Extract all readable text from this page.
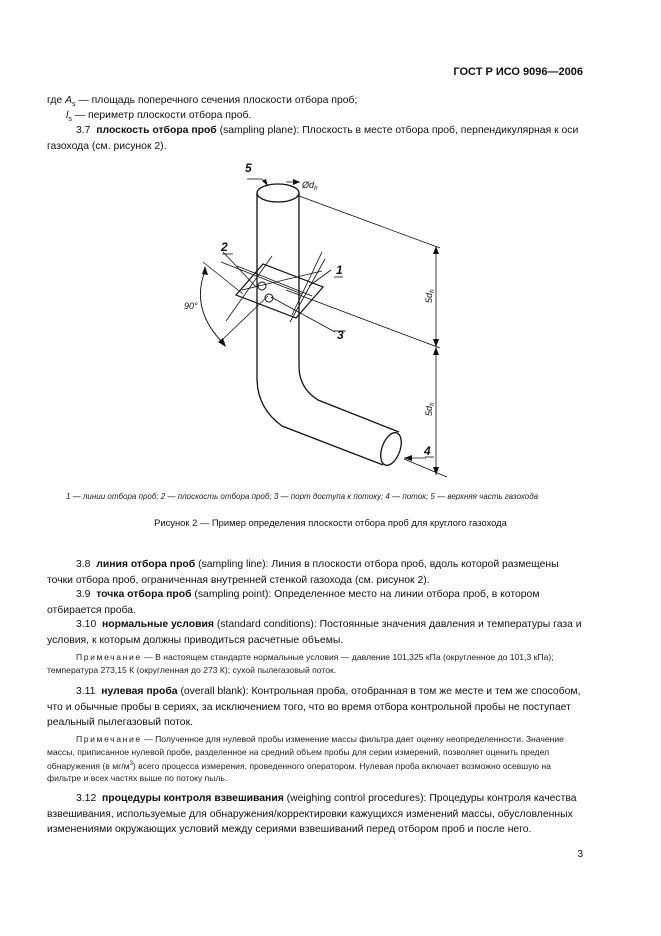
ГОСТ Р ИСО 9096—2006
где $A_s$ — площадь поперечного сечения плоскости отбора проб;
$l_s$ — периметр плоскости отбора проб.
3.7 плоскость отбора проб (sampling plane): Плоскость в месте отбора проб, перпендикулярная к оси газохода (см. рисунок 2).
1
2
3
4
5
$Ød_h$
90°
$5d_h$
$5d_h$
1 — линии отбора проб; 2 — плоскость отбора проб; 3 — порт доступа к потоку; 4 — поток; 5 — верхняя часть газохода
Рисунок 2 — Пример определения плоскости отбора проб для круглого газохода
3.8 линия отбора проб (sampling line): Линия в плоскости отбора проб, вдоль которой размещены точки отбора проб, ограниченная внутренней стенкой газохода (см. рисунок 2).
3.9 точка отбора проб (sampling point): Определенное место на линии отбора проб, в котором отбирается проба.
3.10 нормальные условия (standard conditions): Постоянные значения давления и температуры газа и условия, к которым должны приводиться расчетные объемы.
Примечание — В настоящем стандарте нормальные условия — давление 101,325 кПа (округленное до 101,3 кПа); температура 273,15 К (округленная до 273 К); сухой пылегазовый поток.
3.11 нулевая проба (overall blank): Контрольная проба, отобранная в том же месте и тем же способом, что и обычные пробы в сериях, за исключением того, что во время отбора контрольной пробы не поступает реальный пылегазовый поток.
Примечание — Полученное для нулевой пробы изменение массы фильтра дает оценку неопределенности. Значение массы, приписанное нулевой пробе, разделенное на средний объем пробы для серии измерений, позволяет оценить предел обнаружения (в $мг/м^3$) всего процесса измерения, проведенного оператором. Нулевая проба включает возможно осевшую на фильтре и всех частях выше по потоку пыль.
3.12 процедуры контроля взвешивания (weighing control procedures): Процедуры контроля качества взвешивания, используемые для обнаружения/корректировки кажущихся изменений массы, обусловленных изменениями окружающих условий между сериями взвешиваний перед отбором проб и после него.
3
